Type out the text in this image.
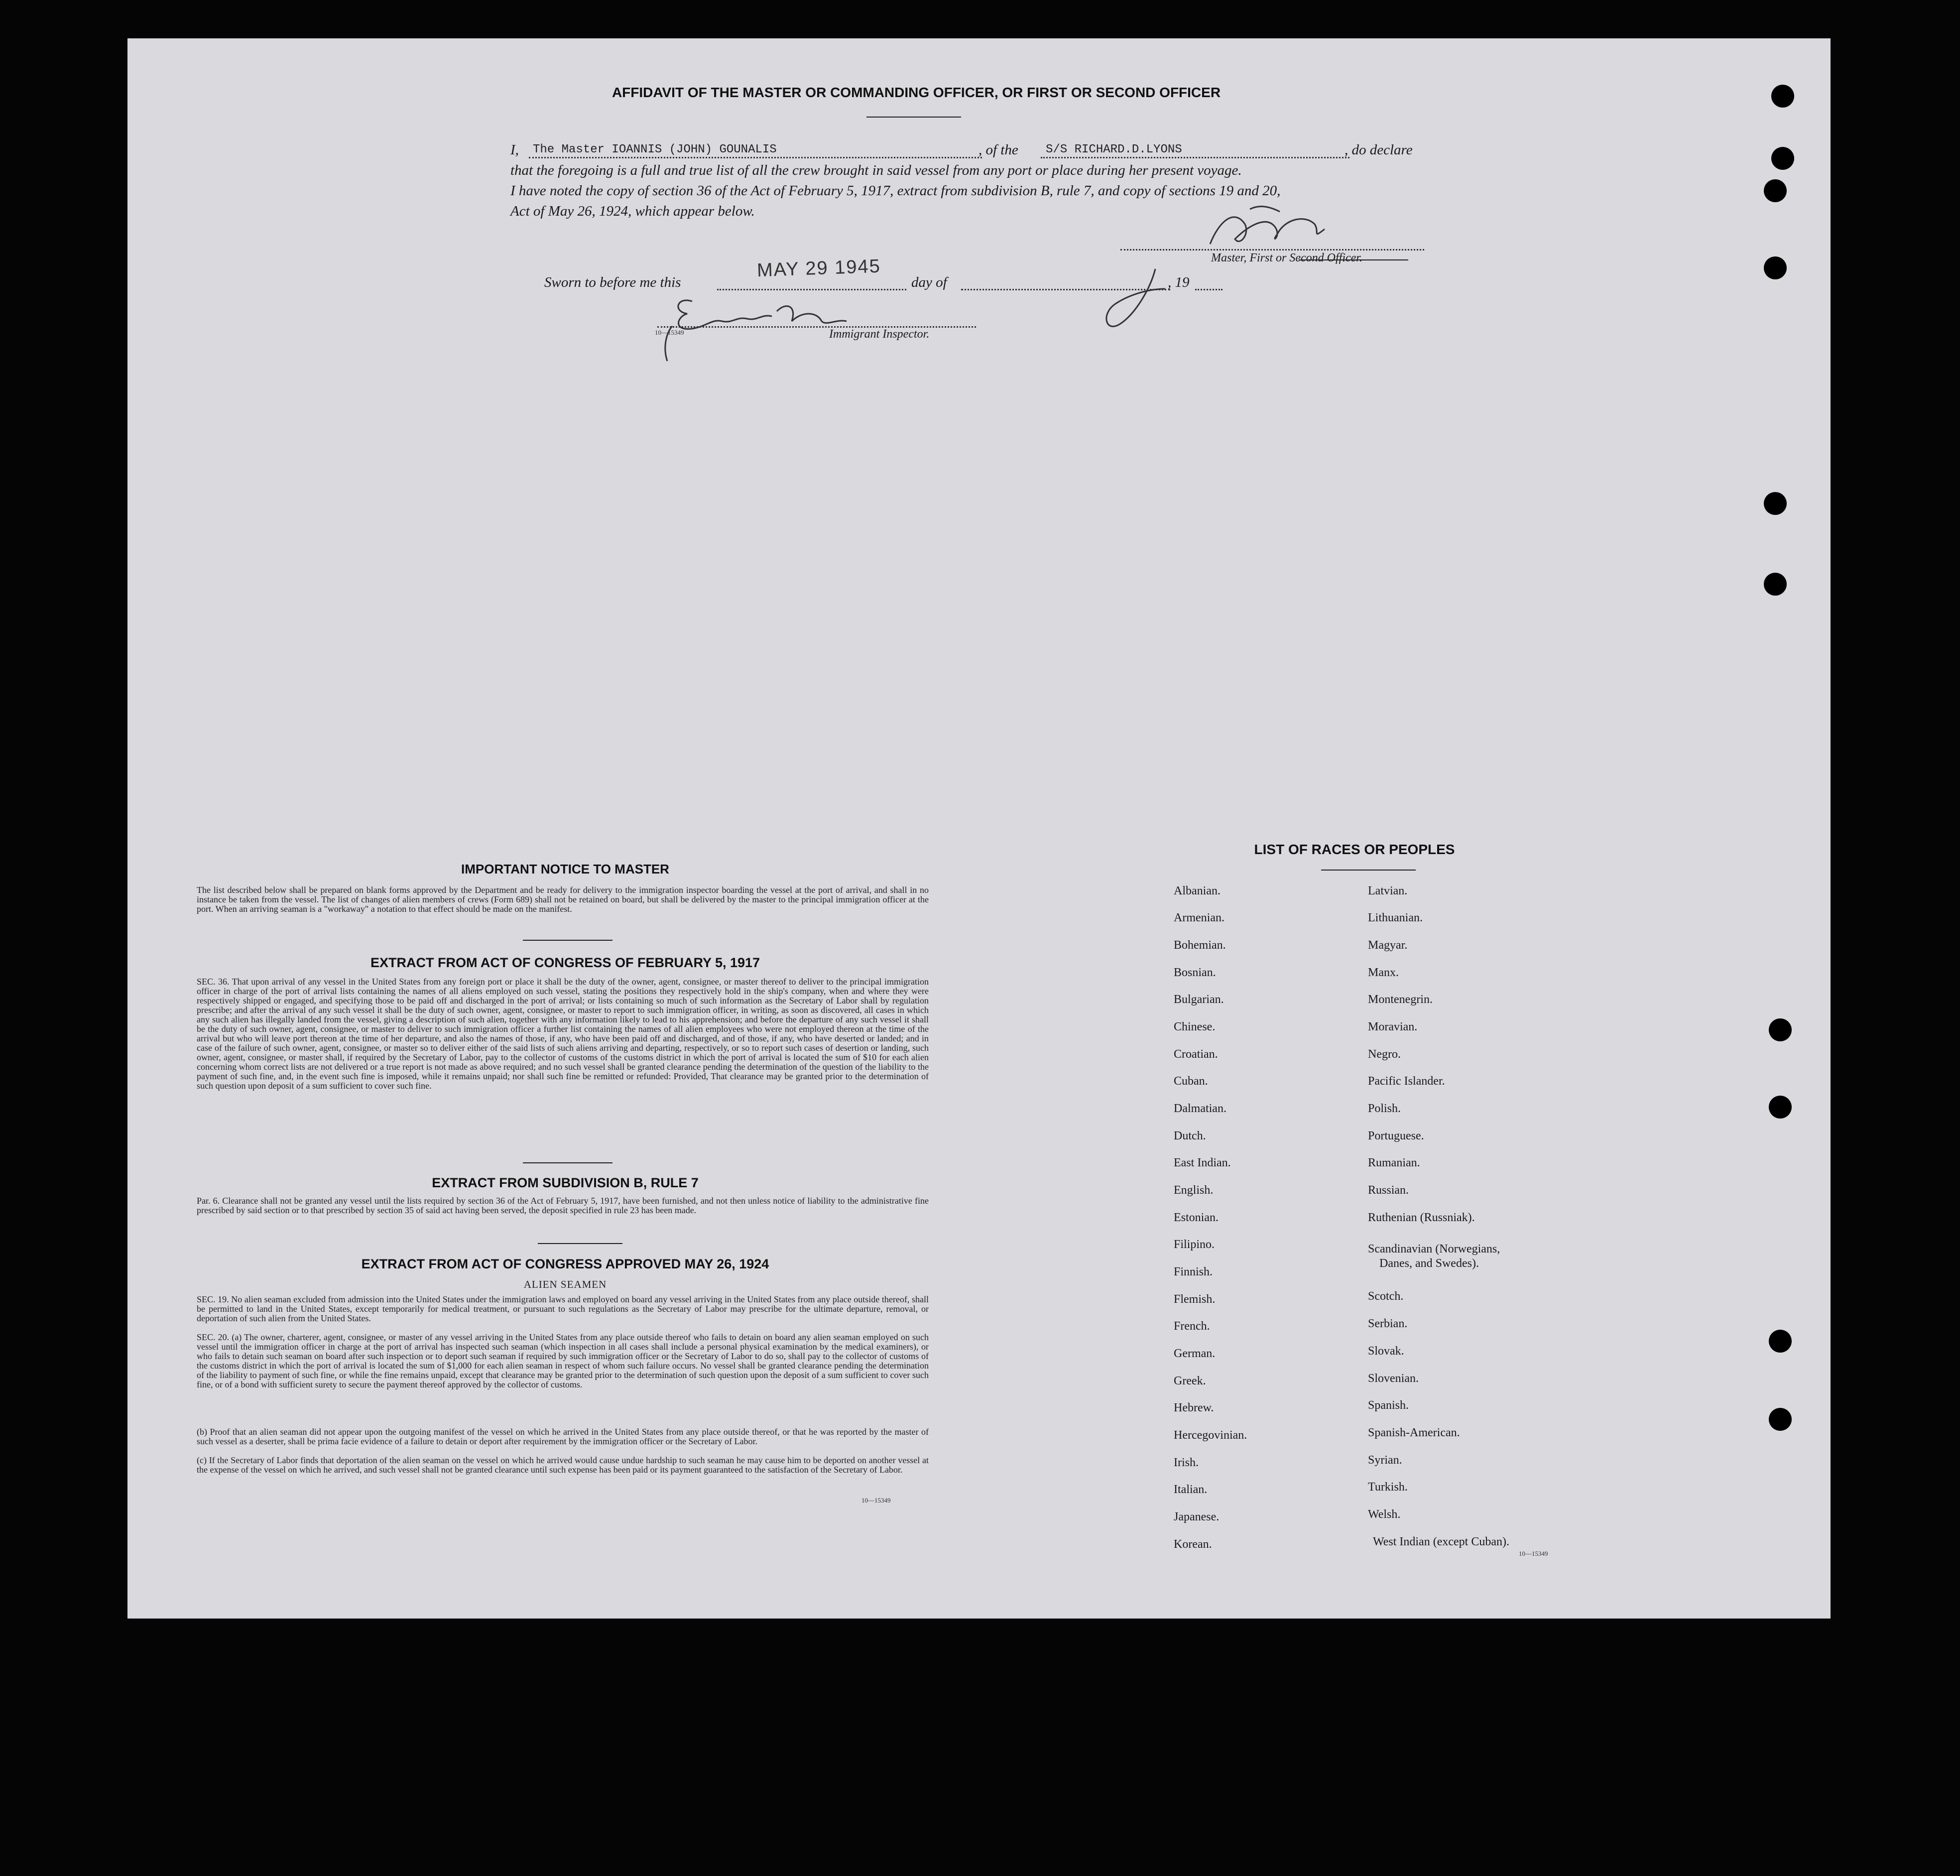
AFFIDAVIT OF THE MASTER OR COMMANDING OFFICER, OR FIRST OR SECOND OFFICER
I, The Master IOANNIS (JOHN) GOUNALIS	, of the S/S RICHARD.D.LYONS	, do declare
that the foregoing is a full and true list of all the crew brought in said vessel from any port or place during her present voyage.
I have noted the copy of section 36 of the Act of February 5, 1917, extract from subdivision B, rule 7, and copy of sections 19 and 20,
Act of May 26, 1924, which appear below.
Master, First or Second Officer.
Sworn to before me this
MAY 29 1945
day of	, 19
10—15349	Immigrant Inspector.
IMPORTANT NOTICE TO MASTER
The list described below shall be prepared on blank forms approved by the Department and be ready for delivery to the immigration inspector boarding the vessel at the port of arrival, and shall in no instance be taken from the vessel. The list of changes of alien members of crews (Form 689) shall not be retained on board, but shall be delivered by the master to the principal immigration officer at the port. When an arriving seaman is a "workaway" a notation to that effect should be made on the manifest.
EXTRACT FROM ACT OF CONGRESS OF FEBRUARY 5, 1917
SEC. 36. That upon arrival of any vessel in the United States from any foreign port or place it shall be the duty of the owner, agent, consignee, or master thereof to deliver to the principal immigration officer in charge of the port of arrival lists containing the names of all aliens employed on such vessel, stating the positions they respectively hold in the ship's company, when and where they were respectively shipped or engaged, and specifying those to be paid off and discharged in the port of arrival; or lists containing so much of such information as the Secretary of Labor shall by regulation prescribe; and after the arrival of any such vessel it shall be the duty of such owner, agent, consignee, or master to report to such immigration officer, in writing, as soon as discovered, all cases in which any such alien has illegally landed from the vessel, giving a description of such alien, together with any information likely to lead to his apprehension; and before the departure of any such vessel it shall be the duty of such owner, agent, consignee, or master to deliver to such immigration officer a further list containing the names of all alien employees who were not employed thereon at the time of the arrival but who will leave port thereon at the time of her departure, and also the names of those, if any, who have been paid off and discharged, and of those, if any, who have deserted or landed; and in case of the failure of such owner, agent, consignee, or master so to deliver either of the said lists of such aliens arriving and departing, respectively, or so to report such cases of desertion or landing, such owner, agent, consignee, or master shall, if required by the Secretary of Labor, pay to the collector of customs of the customs district in which the port of arrival is located the sum of $10 for each alien concerning whom correct lists are not delivered or a true report is not made as above required; and no such vessel shall be granted clearance pending the determination of the question of the liability to the payment of such fine, and, in the event such fine is imposed, while it remains unpaid; nor shall such fine be remitted or refunded: Provided, That clearance may be granted prior to the determination of such question upon deposit of a sum sufficient to cover such fine.
EXTRACT FROM SUBDIVISION B, RULE 7
Par. 6. Clearance shall not be granted any vessel until the lists required by section 36 of the Act of February 5, 1917, have been furnished, and not then unless notice of liability to the administrative fine prescribed by said section or to that prescribed by section 35 of said act having been served, the deposit specified in rule 23 has been made.
EXTRACT FROM ACT OF CONGRESS APPROVED MAY 26, 1924
ALIEN SEAMEN
SEC. 19. No alien seaman excluded from admission into the United States under the immigration laws and employed on board any vessel arriving in the United States from any place outside thereof, shall be permitted to land in the United States, except temporarily for medical treatment, or pursuant to such regulations as the Secretary of Labor may prescribe for the ultimate departure, removal, or deportation of such alien from the United States.
SEC. 20. (a) The owner, charterer, agent, consignee, or master of any vessel arriving in the United States from any place outside thereof who fails to detain on board any alien seaman employed on such vessel until the immigration officer in charge at the port of arrival has inspected such seaman (which inspection in all cases shall include a personal physical examination by the medical examiners), or who fails to detain such seaman on board after such inspection or to deport such seaman if required by such immigration officer or the Secretary of Labor to do so, shall pay to the collector of customs of the customs district in which the port of arrival is located the sum of $1,000 for each alien seaman in respect of whom such failure occurs. No vessel shall be granted clearance pending the determination of the liability to payment of such fine, or while the fine remains unpaid, except that clearance may be granted prior to the determination of such question upon the deposit of a sum sufficient to cover such fine, or of a bond with sufficient surety to secure the payment thereof approved by the collector of customs.
(b) Proof that an alien seaman did not appear upon the outgoing manifest of the vessel on which he arrived in the United States from any place outside thereof, or that he was reported by the master of such vessel as a deserter, shall be prima facie evidence of a failure to detain or deport after requirement by the immigration officer or the Secretary of Labor.
(c) If the Secretary of Labor finds that deportation of the alien seaman on the vessel on which he arrived would cause undue hardship to such seaman he may cause him to be deported on another vessel at the expense of the vessel on which he arrived, and such vessel shall not be granted clearance until such expense has been paid or its payment guaranteed to the satisfaction of the Secretary of Labor.
10—15349
LIST OF RACES OR PEOPLES
Albanian.
Armenian.
Bohemian.
Bosnian.
Bulgarian.
Chinese.
Croatian.
Cuban.
Dalmatian.
Dutch.
East Indian.
English.
Estonian.
Filipino.
Finnish.
Flemish.
French.
German.
Greek.
Hebrew.
Hercegovinian.
Irish.
Italian.
Japanese.
Korean.
Latvian.
Lithuanian.
Magyar.
Manx.
Montenegrin.
Moravian.
Negro.
Pacific Islander.
Polish.
Portuguese.
Rumanian.
Russian.
Ruthenian (Russniak).
Scandinavian (Norwegians,
Danes, and Swedes).
Scotch.
Serbian.
Slovak.
Slovenian.
Spanish.
Spanish-American.
Syrian.
Turkish.
Welsh.
West Indian (except Cuban).
10—15349
